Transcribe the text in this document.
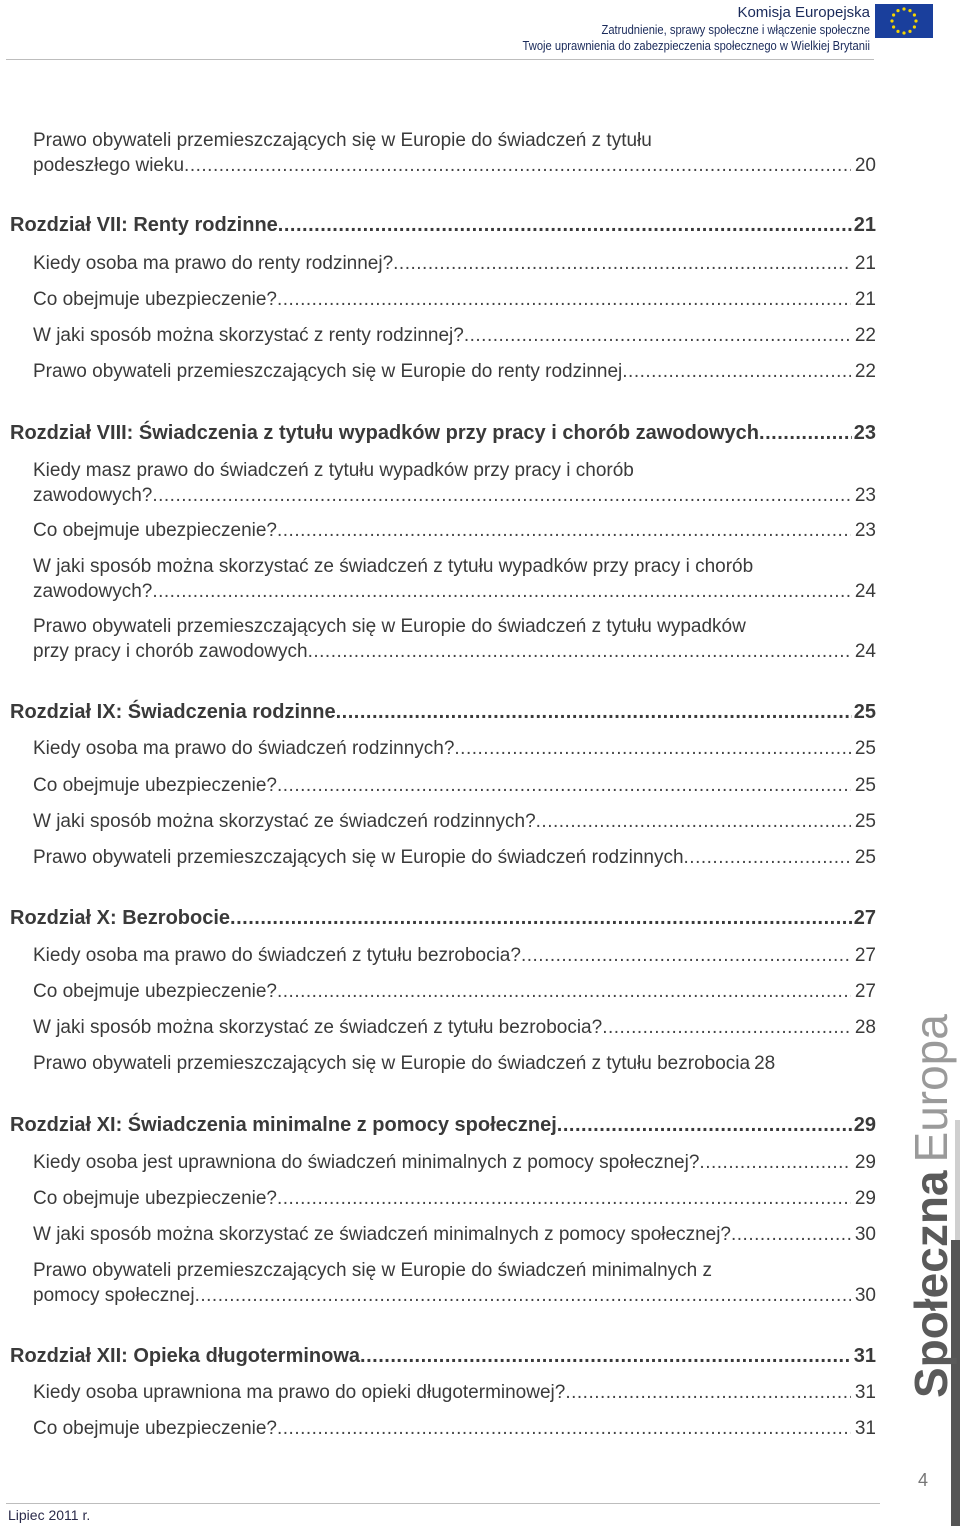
Komisja Europejska
Zatrudnienie, sprawy społeczne i włączenie społeczne
Twoje uprawnienia do zabezpieczenia społecznego w Wielkiej Brytanii
Prawo obywateli przemieszczających się w Europie do świadczeń z tytułu
podeszłego wieku .....	20
Rozdział VII: Renty rodzinne .....	21
Kiedy osoba ma prawo do renty rodzinnej? .....	21
Co obejmuje ubezpieczenie? .....	21
W jaki sposób można skorzystać z renty rodzinnej? .....	22
Prawo obywateli przemieszczających się w Europie do renty rodzinnej .....	22
Rozdział VIII: Świadczenia z tytułu wypadków przy pracy i chorób zawodowych .....	23
Kiedy masz prawo do świadczeń z tytułu wypadków przy pracy i chorób
zawodowych? .....	23
Co obejmuje ubezpieczenie? .....	23
W jaki sposób można skorzystać ze świadczeń z tytułu wypadków przy pracy i chorób
zawodowych? .....	24
Prawo obywateli przemieszczających się w Europie do świadczeń z tytułu wypadków
przy pracy i chorób zawodowych .....	24
Rozdział IX: Świadczenia rodzinne .....	25
Kiedy osoba ma prawo do świadczeń rodzinnych? .....	25
Co obejmuje ubezpieczenie? .....	25
W jaki sposób można skorzystać ze świadczeń rodzinnych? .....	25
Prawo obywateli przemieszczających się w Europie do świadczeń rodzinnych .....	25
Rozdział X: Bezrobocie .....	27
Kiedy osoba ma prawo do świadczeń z tytułu bezrobocia? .....	27
Co obejmuje ubezpieczenie? .....	27
W jaki sposób można skorzystać ze świadczeń z tytułu bezrobocia? .....	28
Prawo obywateli przemieszczających się w Europie do świadczeń z tytułu bezrobocia 28
Rozdział XI: Świadczenia minimalne z pomocy społecznej .....	29
Kiedy osoba jest uprawniona do świadczeń minimalnych z pomocy społecznej? .....	29
Co obejmuje ubezpieczenie? .....	29
W jaki sposób można skorzystać ze świadczeń minimalnych z pomocy społecznej? .....	30
Prawo obywateli przemieszczających się w Europie do świadczeń minimalnych z
pomocy społecznej .....	30
Rozdział XII: Opieka długoterminowa .....	31
Kiedy osoba uprawniona ma prawo do opieki długoterminowej? .....	31
Co obejmuje ubezpieczenie? .....	31
SpołecznaEuropa
4
Lipiec 2011 r.
